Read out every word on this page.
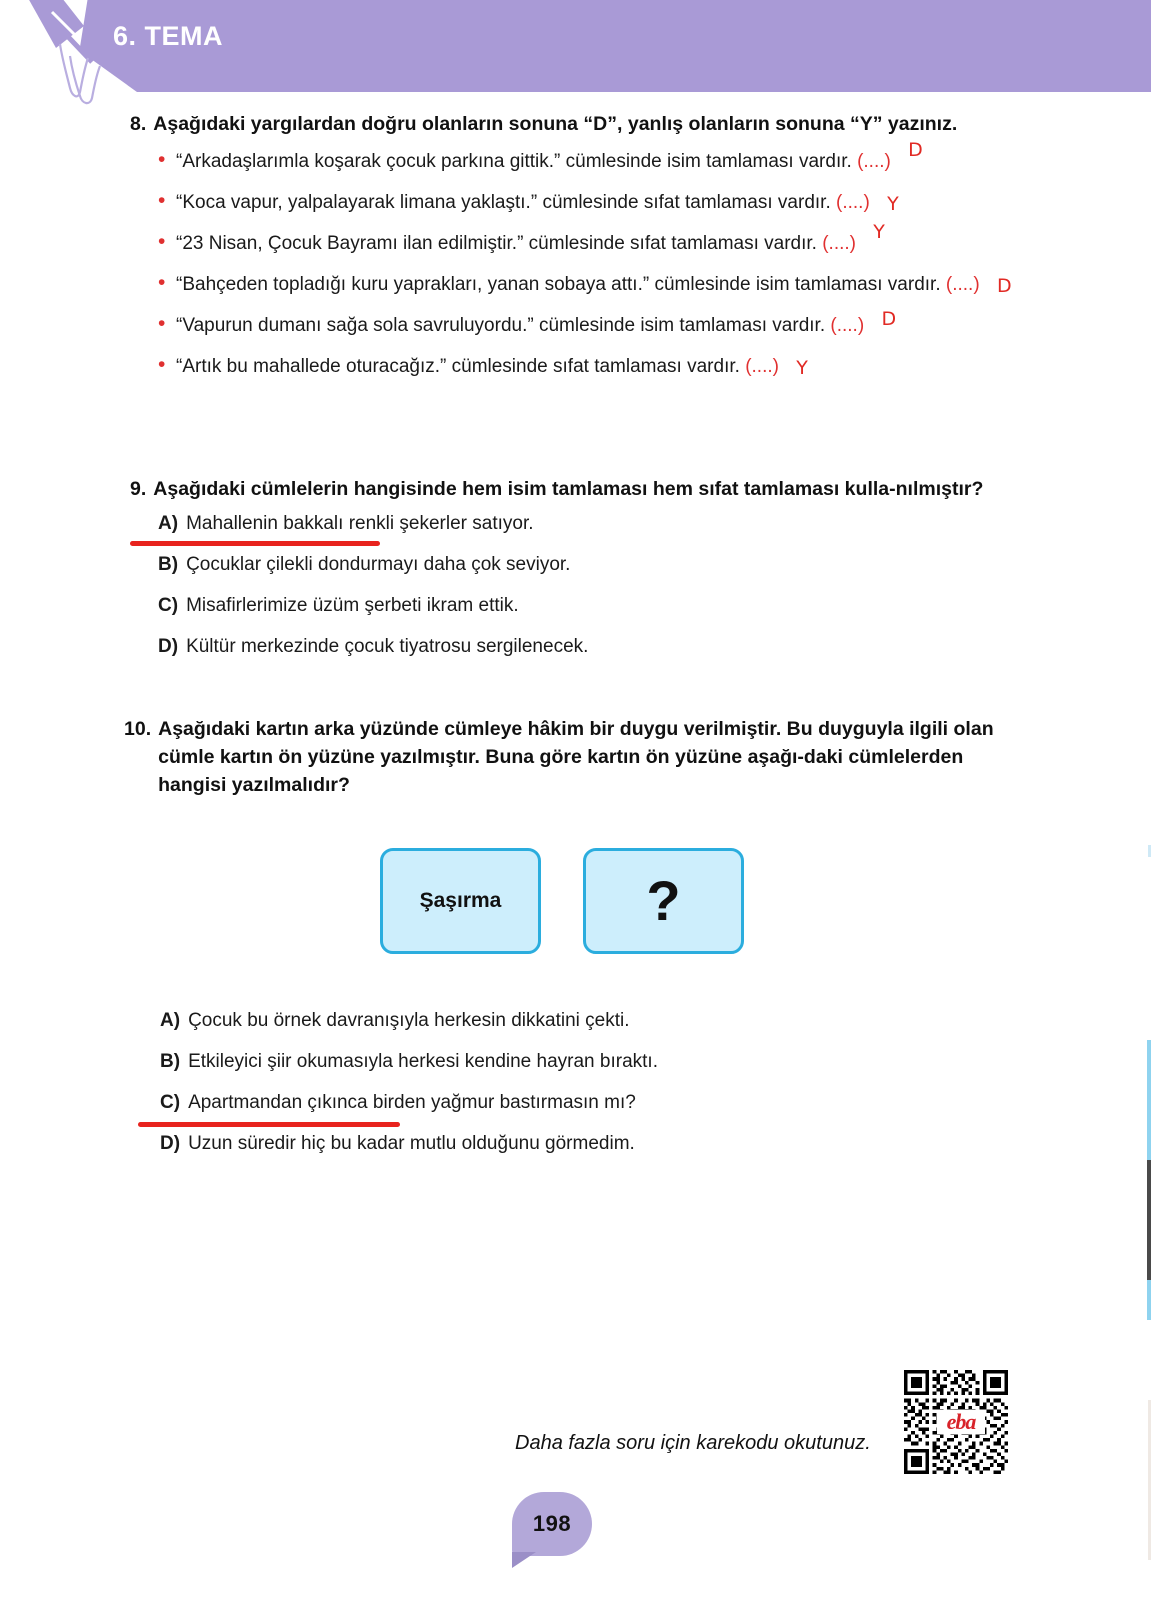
6. TEMA
8. Aşağıdaki yargılardan doğru olanların sonuna “D”, yanlış olanların sonuna “Y” yazınız.
• “Arkadaşlarımla koşarak çocuk parkına gittik.” cümlesinde isim tamlaması vardır. (....) D
• “Koca vapur, yalpalayarak limana yaklaştı.” cümlesinde sıfat tamlaması vardır. (....) Y
• “23 Nisan, Çocuk Bayramı ilan edilmiştir.” cümlesinde sıfat tamlaması vardır. (....) Y
• “Bahçeden topladığı kuru yaprakları, yanan sobaya attı.” cümlesinde isim tamlaması vardır. (....) D
• “Vapurun dumanı sağa sola savruluyordu.” cümlesinde isim tamlaması vardır. (....) D
• “Artık bu mahallede oturacağız.” cümlesinde sıfat tamlaması vardır. (....) Y
9. Aşağıdaki cümlelerin hangisinde hem isim tamlaması hem sıfat tamlaması kulla-nılmıştır?
A) Mahallenin bakkalı renkli şekerler satıyor.
B) Çocuklar çilekli dondurmayı daha çok seviyor.
C) Misafirlerimize üzüm şerbeti ikram ettik.
D) Kültür merkezinde çocuk tiyatrosu sergilenecek.
10. Aşağıdaki kartın arka yüzünde cümleye hâkim bir duygu verilmiştir. Bu duyguyla ilgili olan cümle kartın ön yüzüne yazılmıştır. Buna göre kartın ön yüzüne aşağı-daki cümlelerden hangisi yazılmalıdır?
Şaşırma	?
A) Çocuk bu örnek davranışıyla herkesin dikkatini çekti.
B) Etkileyici şiir okumasıyla herkesi kendine hayran bıraktı.
C) Apartmandan çıkınca birden yağmur bastırmasın mı?
D) Uzun süredir hiç bu kadar mutlu olduğunu görmedim.
Daha fazla soru için karekodu okutunuz.
eba
198
